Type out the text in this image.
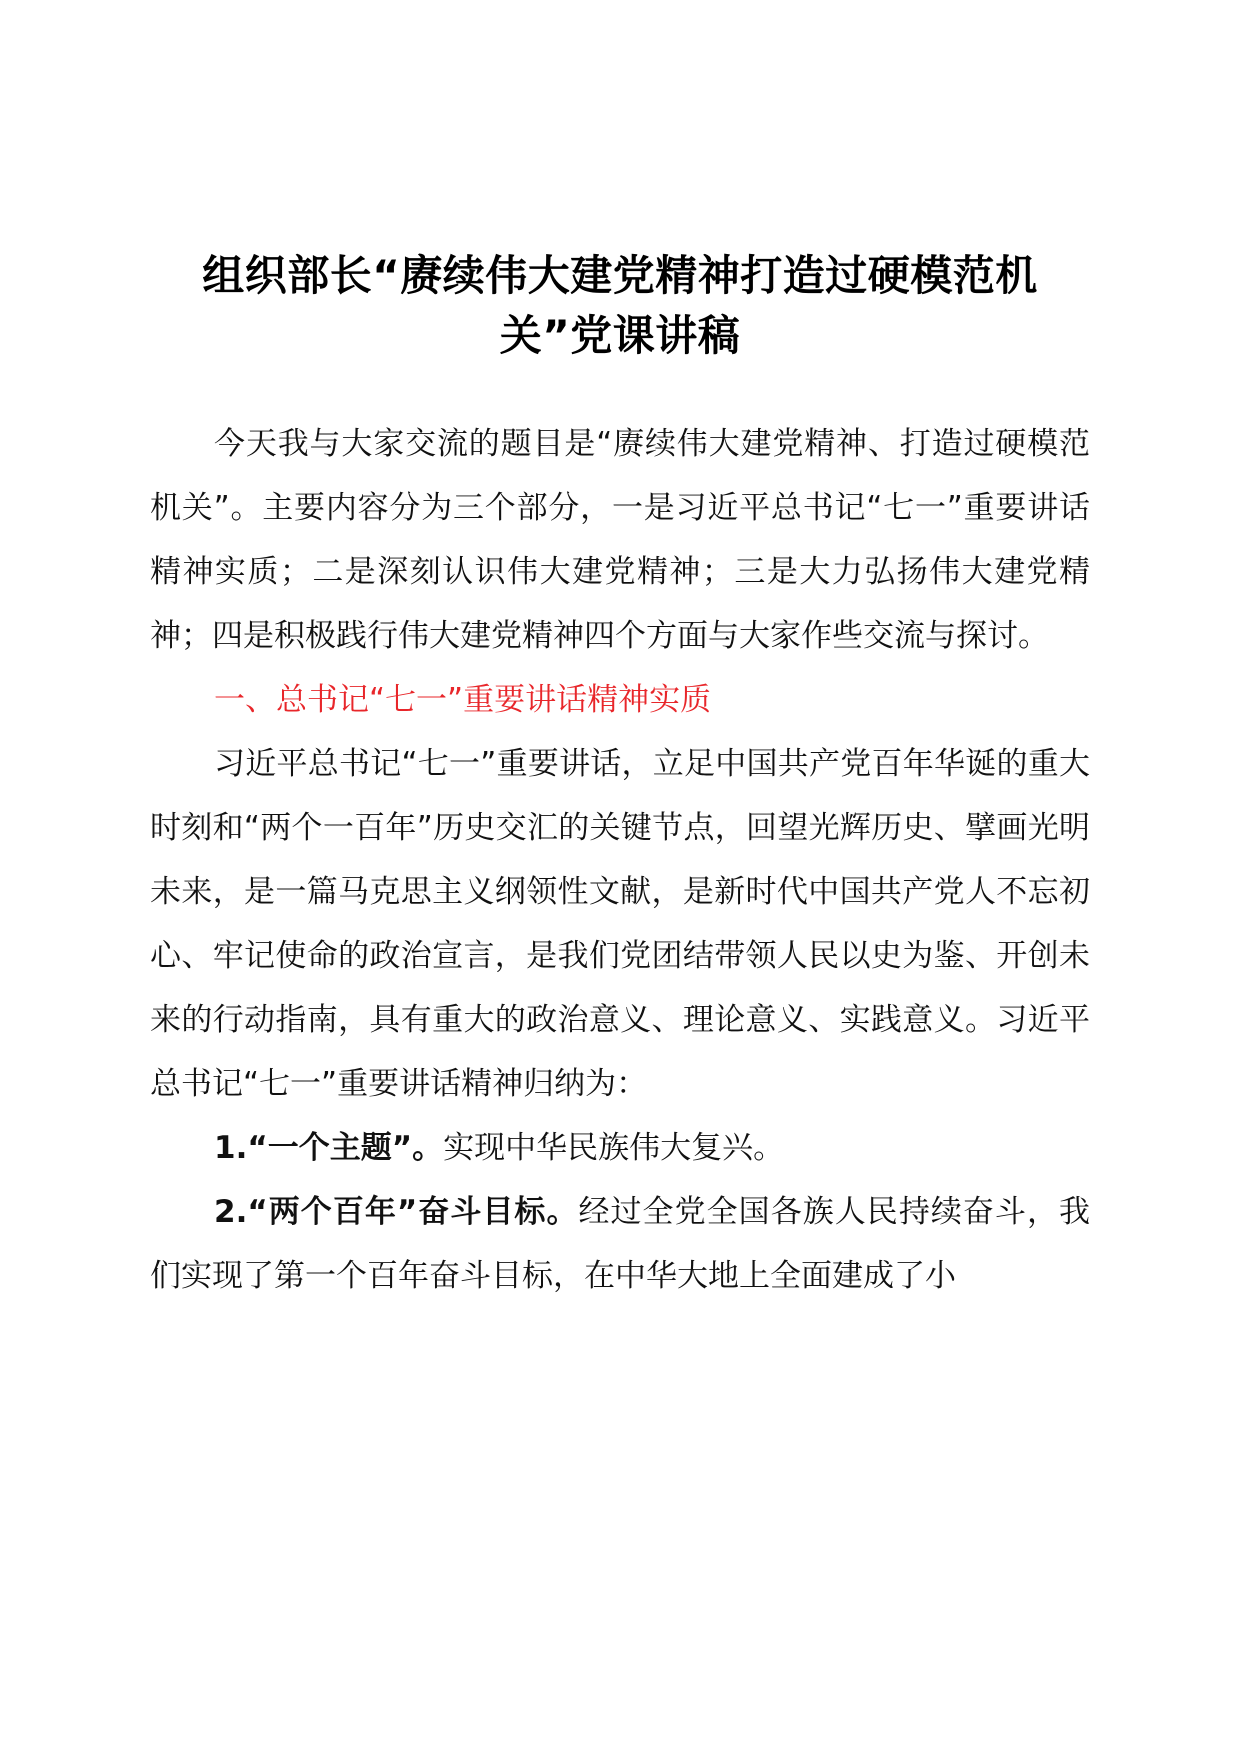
组织部长“赓续伟大建党精神打造过硬模范机关”党课讲稿

今天我与大家交流的题目是“赓续伟大建党精神、打造过硬模范机关”。主要内容分为三个部分，一是习近平总书记“七一”重要讲话精神实质；二是深刻认识伟大建党精神；三是大力弘扬伟大建党精神；四是积极践行伟大建党精神四个方面与大家作些交流与探讨。

一、总书记“七一”重要讲话精神实质

习近平总书记“七一”重要讲话，立足中国共产党百年华诞的重大时刻和“两个一百年”历史交汇的关键节点，回望光辉历史、擘画光明未来，是一篇马克思主义纲领性文献，是新时代中国共产党人不忘初心、牢记使命的政治宣言，是我们党团结带领人民以史为鉴、开创未来的行动指南，具有重大的政治意义、理论意义、实践意义。习近平总书记“七一”重要讲话精神归纳为：

1.“一个主题”。实现中华民族伟大复兴。

2.“两个百年”奋斗目标。经过全党全国各族人民持续奋斗，我们实现了第一个百年奋斗目标，在中华大地上全面建成了小
